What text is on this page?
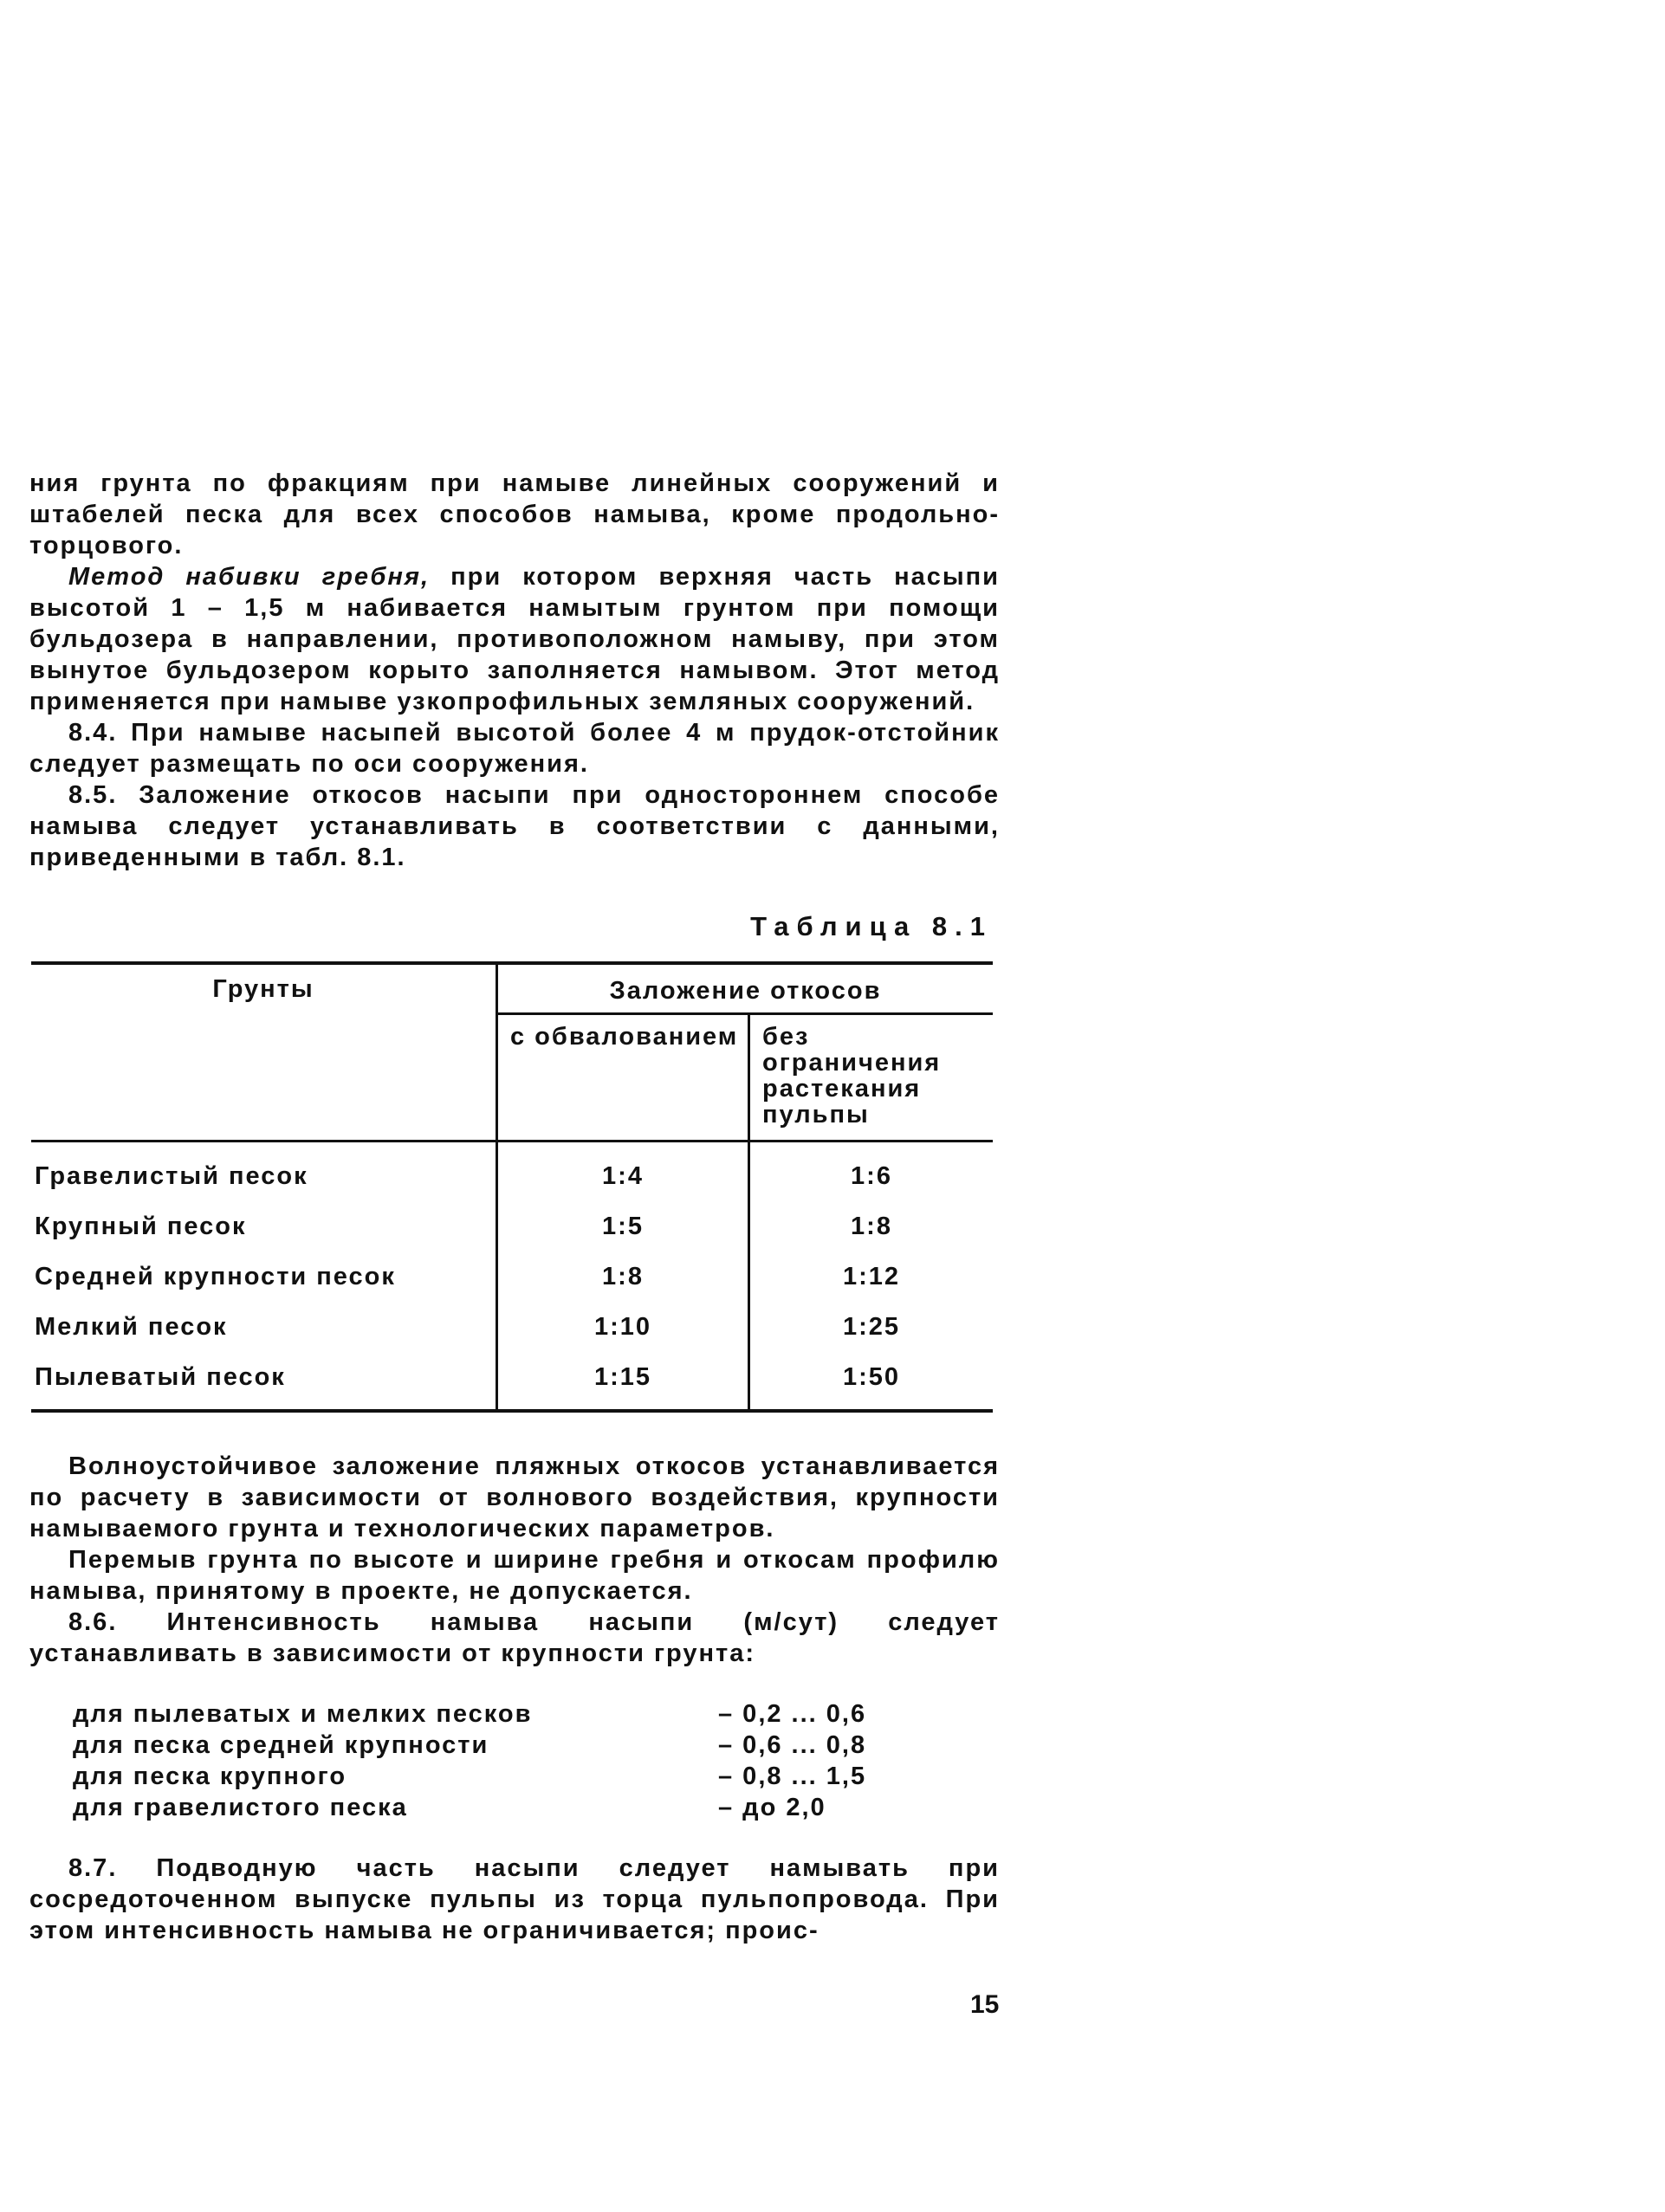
ния грунта по фракциям при намыве линейных сооружений и штабелей песка для всех способов намыва, кроме продольно-торцового.

Метод набивки гребня, при котором верхняя часть насыпи высотой 1 – 1,5 м набивается намытым грунтом при помощи бульдозера в направлении, противоположном намыву, при этом вынутое бульдозером корыто заполняется намывом. Этот метод применяется при намыве узкопрофильных земляных сооружений.

8.4. При намыве насыпей высотой более 4 м прудок-отстойник следует размещать по оси сооружения.

8.5. Заложение откосов насыпи при одностороннем способе намыва следует устанавливать в соответствии с данными, приведенными в табл. 8.1.

Таблица 8.1
Грунты	Заложение откосов	
	с обвалованием	без ограничения растекания пульпы
Гравелистый песок	1:4	1:6
Крупный песок	1:5	1:8
Средней крупности песок	1:8	1:12
Мелкий песок	1:10	1:25
Пылеватый песок	1:15	1:50

Волноустойчивое заложение пляжных откосов устанавливается по расчету в зависимости от волнового воздействия, крупности намываемого грунта и технологических параметров.

Перемыв грунта по высоте и ширине гребня и откосам профилю намыва, принятому в проекте, не допускается.

8.6. Интенсивность намыва насыпи (м/сут) следует устанавливать в зависимости от крупности грунта:

для пылеватых и мелких песков	– 0,2 ... 0,6
для песка средней крупности	– 0,6 ... 0,8
для песка крупного	– 0,8 ... 1,5
для гравелистого песка	– до 2,0

8.7. Подводную часть насыпи следует намывать при сосредоточенном выпуске пульпы из торца пульпопровода. При этом интенсивность намыва не ограничивается; проис-

15
